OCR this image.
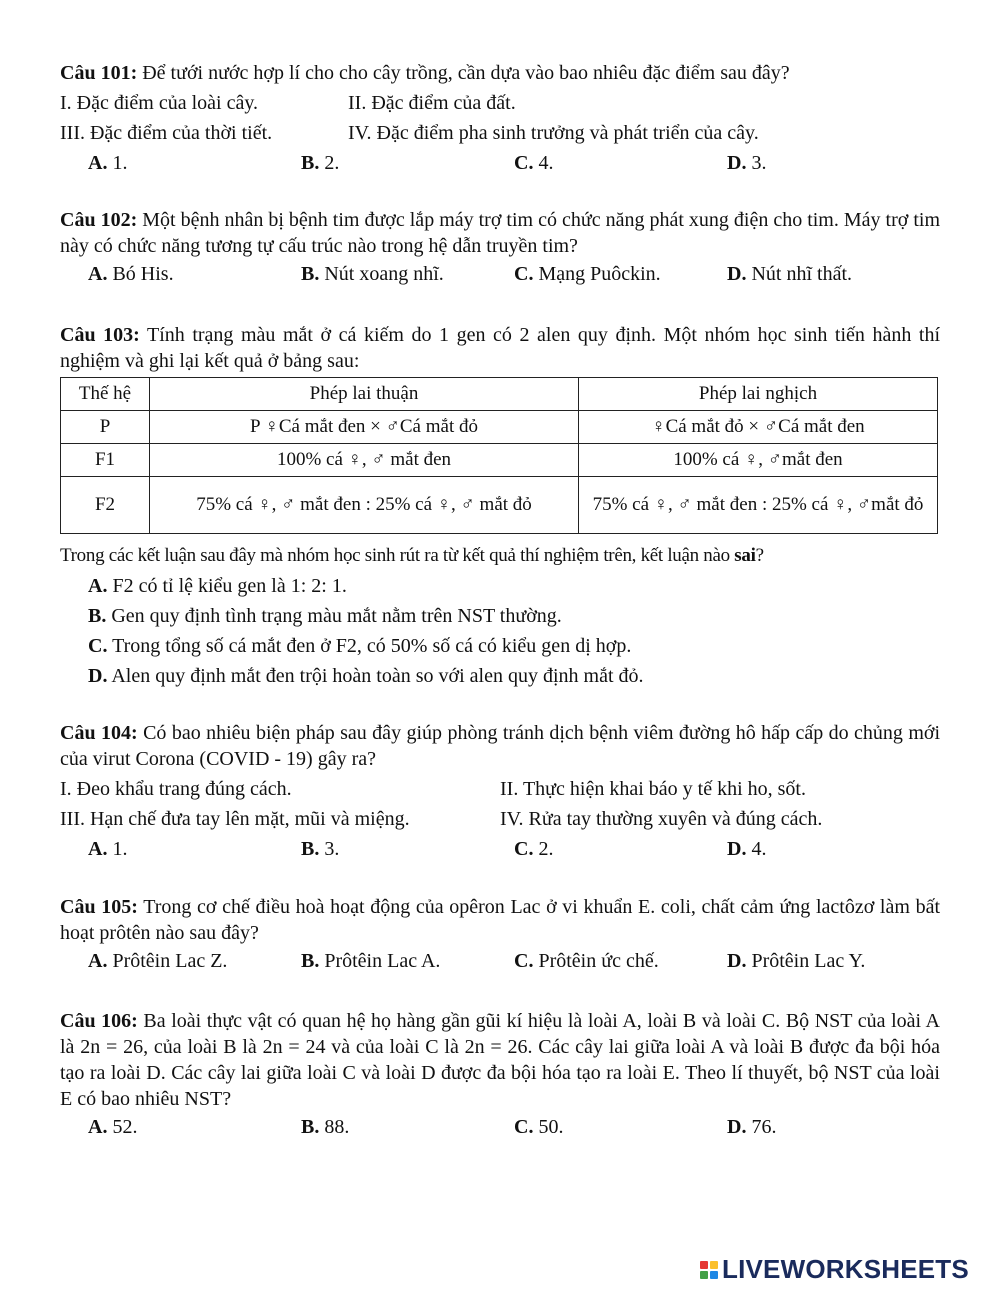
Câu 101: Để tưới nước hợp lí cho cho cây trồng, cần dựa vào bao nhiêu đặc điểm sau đây?
I. Đặc điểm của loài cây.	II. Đặc điểm của đất.
III. Đặc điểm của thời tiết.	IV. Đặc điểm pha sinh trưởng và phát triển của cây.
A. 1.	B. 2.	C. 4.	D. 3.
Câu 102: Một bệnh nhân bị bệnh tim được lắp máy trợ tim có chức năng phát xung điện cho tim. Máy trợ tim này có chức năng tương tự cấu trúc nào trong hệ dẫn truyền tim?
A. Bó His.	B. Nút xoang nhĩ.	C. Mạng Puôckin.	D. Nút nhĩ thất.
Câu 103: Tính trạng màu mắt ở cá kiếm do 1 gen có 2 alen quy định. Một nhóm học sinh tiến hành thí nghiệm và ghi lại kết quả ở bảng sau:
Thế hệ	Phép lai thuận	Phép lai nghịch
P	P ♀Cá mắt đen × ♂Cá mắt đỏ	♀Cá mắt đỏ × ♂Cá mắt đen
F1	100% cá ♀, ♂ mắt đen	100% cá ♀, ♂mắt đen
F2	75% cá ♀, ♂ mắt đen : 25% cá ♀, ♂ mắt đỏ	75% cá ♀, ♂ mắt đen : 25% cá ♀, ♂mắt đỏ
Trong các kết luận sau đây mà nhóm học sinh rút ra từ kết quả thí nghiệm trên, kết luận nào sai?
A. F2 có tỉ lệ kiểu gen là 1: 2: 1.
B. Gen quy định tình trạng màu mắt nằm trên NST thường.
C. Trong tổng số cá mắt đen ở F2, có 50% số cá có kiểu gen dị hợp.
D. Alen quy định mắt đen trội hoàn toàn so với alen quy định mắt đỏ.
Câu 104: Có bao nhiêu biện pháp sau đây giúp phòng tránh dịch bệnh viêm đường hô hấp cấp do chủng mới của virut Corona (COVID - 19) gây ra?
I. Đeo khẩu trang đúng cách.	II. Thực hiện khai báo y tế khi ho, sốt.
III. Hạn chế đưa tay lên mặt, mũi và miệng.	IV. Rửa tay thường xuyên và đúng cách.
A. 1.	B. 3.	C. 2.	D. 4.
Câu 105: Trong cơ chế điều hoà hoạt động của opêron Lac ở vi khuẩn E. coli, chất cảm ứng lactôzơ làm bất hoạt prôtên nào sau đây?
A. Prôtêin Lac Z.	B. Prôtêin Lac A.	C. Prôtêin ức chế.	D. Prôtêin Lac Y.
Câu 106: Ba loài thực vật có quan hệ họ hàng gần gũi kí hiệu là loài A, loài B và loài C. Bộ NST của loài A là 2n = 26, của loài B là 2n = 24 và của loài C là 2n = 26. Các cây lai giữa loài A và loài B được đa bội hóa tạo ra loài D. Các cây lai giữa loài C và loài D được đa bội hóa tạo ra loài E. Theo lí thuyết, bộ NST của loài E có bao nhiêu NST?
A. 52.	B. 88.	C. 50.	D. 76.
LIVEWORKSHEETS
